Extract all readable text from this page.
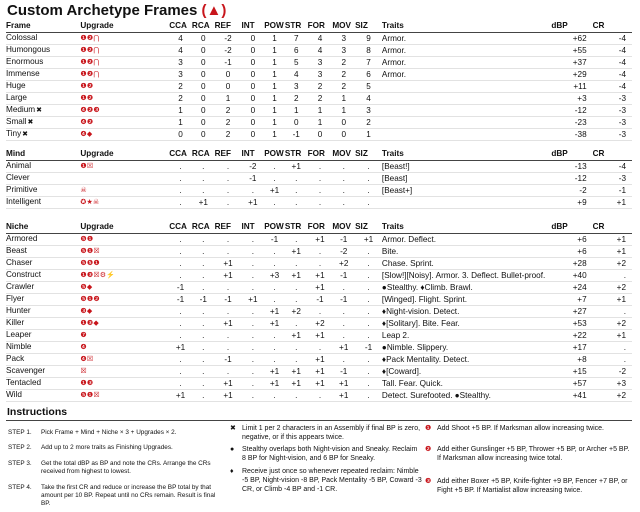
Custom Archetype Frames (▲)
Frame	Upgrade	CCA	RCA	REF	INT	POW	STR	FOR	MOV	SIZ	Traits	dBP	CR
Colossal	❶❷⋂	4	0	-2	0	1	7	4	3	9	Armor.	+62	-4
Humongous	❶❷⋂	4	0	-2	0	1	6	4	3	8	Armor.	+55	-4
Enormous	❶❷⋂	3	0	-1	0	1	5	3	2	7	Armor.	+37	-4
Immense	❶❷⋂	3	0	0	0	1	4	3	2	6	Armor.	+29	-4
Huge	❶❷	2	0	0	0	1	3	2	2	5		+11	-4
Large	❶❷	2	0	1	0	1	2	2	1	4		+3	-3
Medium✖	❹❷❸	1	0	2	0	1	1	1	1	3		-12	-3
Small✖	❹❷	1	0	2	0	1	0	1	0	2		-23	-3
Tiny✖	❹◆	0	0	2	0	1	-1	0	0	1		-38	-3
Mind	Upgrade	CCA	RCA	REF	INT	POW	STR	FOR	MOV	SIZ	Traits	dBP	CR
Animal	❶☒	.	.	.	-2	.	+1	.	.	.	[Beast!]	-13	-4
Clever		.	.	.	-1	.	.	.	.	.	[Beast]	-12	-3
Primitive	☠	.	.	.	.	+1	.	.	.	.	[Beast+]	-2	-1
Intelligent	✪★☠	.	+1	.	+1	.	.	.	.	.		+9	+1
Niche	Upgrade	CCA	RCA	REF	INT	POW	STR	FOR	MOV	SIZ	Traits	dBP	CR
Armored	❺❶	.	.	.	.	-1	.	+1	-1	+1	Armor. Deflect.	+6	+1
Beast	❺❶☒	.	.	.	.	.	+1	.	-2	.	Bite.	+6	+1
Chaser	❺❺❶	.	.	+1	.	.	.	.	+2	.	Chase. Sprint.	+28	+2
Construct	❶❸☒⚙⚡	.	.	+1	.	+3	+1	+1	-1	.	[Slow!][Noisy]. Armor. 3. Deflect. Bullet-proof.	+40	.
Crawler	❺◆	-1	.	.	.	.	.	+1	.	.	●Stealthy. ♦Climb. Brawl.	+24	+2
Flyer	❺❶❷	-1	-1	-1	+1	.	.	-1	-1	.	[Winged]. Flight. Sprint.	+7	+1
Hunter	❸◆	.	.	.	.	+1	+2	.	.	.	♦Night-vision. Detect.	+27	.
Killer	❶❸◆	.	.	+1	.	+1	.	+2	.	.	♦[Solitary]. Bite. Fear.	+53	+2
Leaper	❼	.	.	.	.	.	+1	+1	.	.	Leap 2.	+22	+1
Nimble	❹	+1	.	.	.	.	.	.	+1	-1	●Nimble. Slippery.	+17	.
Pack	❹☒	.	.	-1	.	.	.	+1	.	.	♦Pack Mentality. Detect.	+8	.
Scavenger	☒	.	.	.	.	+1	+1	+1	-1	.	♦[Coward].	+15	-2
Tentacled	❶❸	.	.	+1	.	+1	+1	+1	+1	.	Tall. Fear. Quick.	+57	+3
Wild	❺❶☒	+1	.	+1	.	.	.	.	+1	.	Detect. Surefooted. ●Stealthy.	+41	+2
Instructions
STEP 1. Pick Frame + Mind + Niche × 3 + Upgrades × 2.
STEP 2. Add up to 2 more traits as Finishing Upgrades.
STEP 3. Get the total dBP as BP and note the CRs. Arrange the CRs received from highest to lowest.
STEP 4. Take the first CR and reduce or increase the BP total by that amount per 10 BP. Repeat until no CRs remain. Result is final BP.
✖ Limit 1 per 2 characters in an Assembly if final BP is zero, negative, or if this appears twice.
● Stealthy overlaps both Night-vision and Sneaky. Reclaim 8 BP for Night-vision, and 6 BP for Sneaky.
♦ Receive just once so whenever repeated reclaim: Nimble -5 BP, Night-vision -8 BP, Pack Mentality -5 BP, Coward -3 CR, or Climb -4 BP and -1 CR.
❶ Add Shoot +5 BP. If Marksman allow increasing twice.
❷ Add either Gunslinger +5 BP, Thrower +5 BP, or Archer +5 BP. If Marksman allow increasing twice total.
❸ Add either Boxer +5 BP, Knife-fighter +9 BP, Fencer +7 BP, or Fight +5 BP. If Martialist allow increasing twice.
